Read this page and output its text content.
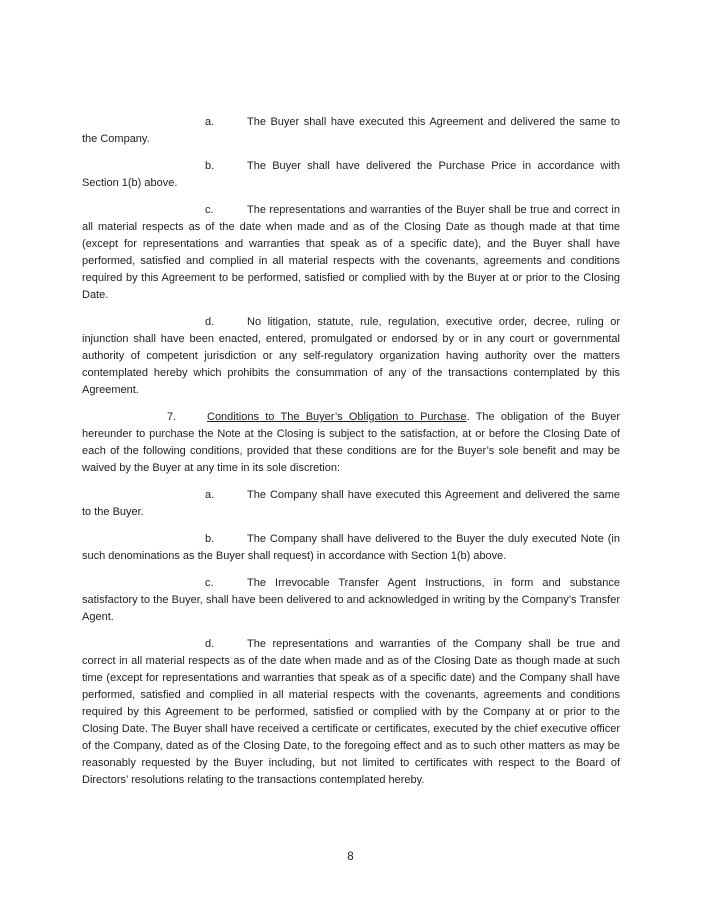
a.	The Buyer shall have executed this Agreement and delivered the same to the Company.

b.	The Buyer shall have delivered the Purchase Price in accordance with Section 1(b) above.

c.	The representations and warranties of the Buyer shall be true and correct in all material respects as of the date when made and as of the Closing Date as though made at that time (except for representations and warranties that speak as of a specific date), and the Buyer shall have performed, satisfied and complied in all material respects with the covenants, agreements and conditions required by this Agreement to be performed, satisfied or complied with by the Buyer at or prior to the Closing Date.

d.	No litigation, statute, rule, regulation, executive order, decree, ruling or injunction shall have been enacted, entered, promulgated or endorsed by or in any court or governmental authority of competent jurisdiction or any self-regulatory organization having authority over the matters contemplated hereby which prohibits the consummation of any of the transactions contemplated by this Agreement.

7.	Conditions to The Buyer’s Obligation to Purchase. The obligation of the Buyer hereunder to purchase the Note at the Closing is subject to the satisfaction, at or before the Closing Date of each of the following conditions, provided that these conditions are for the Buyer’s sole benefit and may be waived by the Buyer at any time in its sole discretion:

a.	The Company shall have executed this Agreement and delivered the same to the Buyer.

b.	The Company shall have delivered to the Buyer the duly executed Note (in such denominations as the Buyer shall request) in accordance with Section 1(b) above.

c.	The Irrevocable Transfer Agent Instructions, in form and substance satisfactory to the Buyer, shall have been delivered to and acknowledged in writing by the Company’s Transfer Agent.

d.	The representations and warranties of the Company shall be true and correct in all material respects as of the date when made and as of the Closing Date as though made at such time (except for representations and warranties that speak as of a specific date) and the Company shall have performed, satisfied and complied in all material respects with the covenants, agreements and conditions required by this Agreement to be performed, satisfied or complied with by the Company at or prior to the Closing Date. The Buyer shall have received a certificate or certificates, executed by the chief executive officer of the Company, dated as of the Closing Date, to the foregoing effect and as to such other matters as may be reasonably requested by the Buyer including, but not limited to certificates with respect to the Board of Directors’ resolutions relating to the transactions contemplated hereby.

8
